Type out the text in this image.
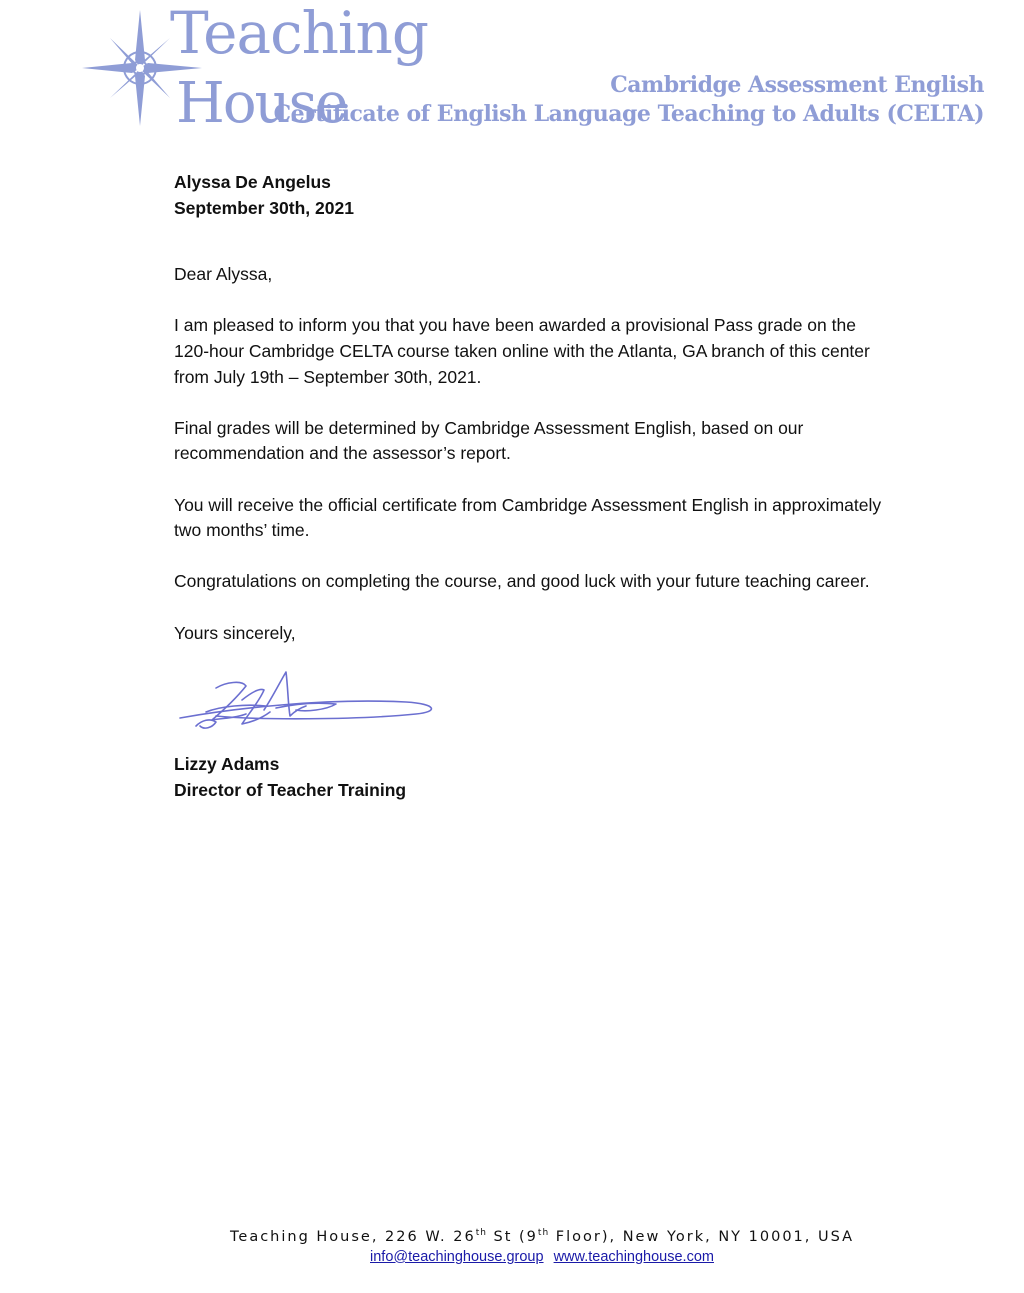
Teaching
House	Cambridge Assessment English
Certificate of English Language Teaching to Adults (CELTA)

Alyssa De Angelus

September 30th, 2021

Dear Alyssa,

I am pleased to inform you that you have been awarded a provisional Pass grade on the 120-hour Cambridge CELTA course taken online with the Atlanta, GA branch of this center from July 19th – September 30th, 2021.

Final grades will be determined by Cambridge Assessment English, based on our recommendation and the assessor’s report.

You will receive the official certificate from Cambridge Assessment English in approximately two months’ time.

Congratulations on completing the course, and good luck with your future teaching career.

Yours sincerely,

Lizzy Adams

Director of Teacher Training

Teaching House, 226 W. 26th St (9th Floor), New York, NY 10001, USA
info@teachinghouse.group www.teachinghouse.com
